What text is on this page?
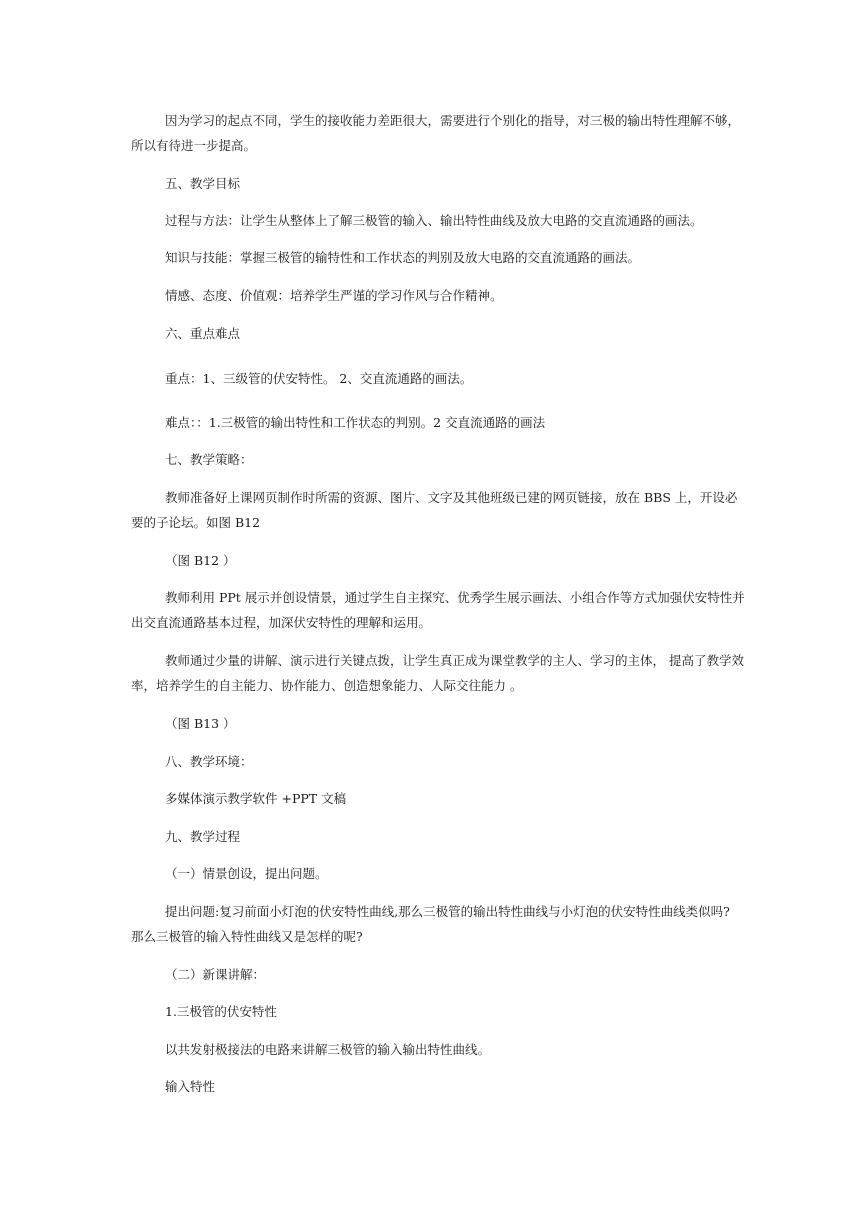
因为学习的起点不同，学生的接收能力差距很大，需要进行个别化的指导，对三极的输出特性理解不够，
所以有待进一步提高。
五、教学目标
过程与方法：让学生从整体上了解三极管的输入、输出特性曲线及放大电路的交直流通路的画法。
知识与技能：掌握三极管的输特性和工作状态的判别及放大电路的交直流通路的画法。
情感、态度、价值观：培养学生严谨的学习作风与合作精神。
六、重点难点
重点：1、三级管的伏安特性。 2、交直流通路的画法。
难点：：1.三极管的输出特性和工作状态的判别。2 交直流通路的画法
七、教学策略：
教师准备好上课网页制作时所需的资源、图片、文字及其他班级已建的网页链接，放在 BBS 上，开设必
要的子论坛。如图 B12
（图 B12 ）
教师利用 PPt 展示并创设情景，通过学生自主探究、优秀学生展示画法、小组合作等方式加强伏安特性并
出交直流通路基本过程，加深伏安特性的理解和运用。
教师通过少量的讲解、演示进行关键点拨，让学生真正成为课堂教学的主人、学习的主体， 提高了教学效
率，培养学生的自主能力、协作能力、创造想象能力、人际交往能力 。
（图 B13 ）
八、教学环境：
多媒体演示教学软件 +PPT 文稿
九、教学过程
（一）情景创设，提出问题。
提出问题:复习前面小灯泡的伏安特性曲线,那么三极管的输出特性曲线与小灯泡的伏安特性曲线类似吗?
那么三极管的输入特性曲线又是怎样的呢?
（二）新课讲解：
1.三极管的伏安特性
以共发射极接法的电路来讲解三极管的输入输出特性曲线。
输入特性
